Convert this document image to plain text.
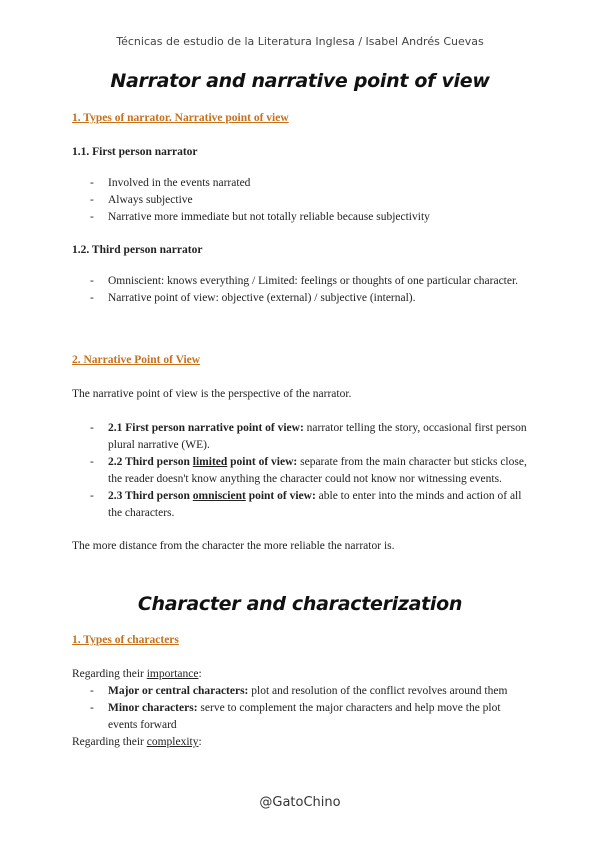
Técnicas de estudio de la Literatura Inglesa / Isabel Andrés Cuevas
Narrator and narrative point of view
1. Types of narrator. Narrative point of view
1.1. First person narrator
- Involved in the events narrated
- Always subjective
- Narrative more immediate but not totally reliable because subjectivity
1.2. Third person narrator
- Omniscient: knows everything / Limited: feelings or thoughts of one particular character.
- Narrative point of view: objective (external) / subjective (internal).
2. Narrative Point of View
The narrative point of view is the perspective of the narrator.
- 2.1 First person narrative point of view: narrator telling the story, occasional first person plural narrative (WE).
- 2.2 Third person limited point of view: separate from the main character but sticks close, the reader doesn't know anything the character could not know nor witnessing events.
- 2.3 Third person omniscient point of view: able to enter into the minds and action of all the characters.
The more distance from the character the more reliable the narrator is.
Character and characterization
1. Types of characters
Regarding their importance:
- Major or central characters: plot and resolution of the conflict revolves around them
- Minor characters: serve to complement the major characters and help move the plot events forward
Regarding their complexity:
@GatoChino
